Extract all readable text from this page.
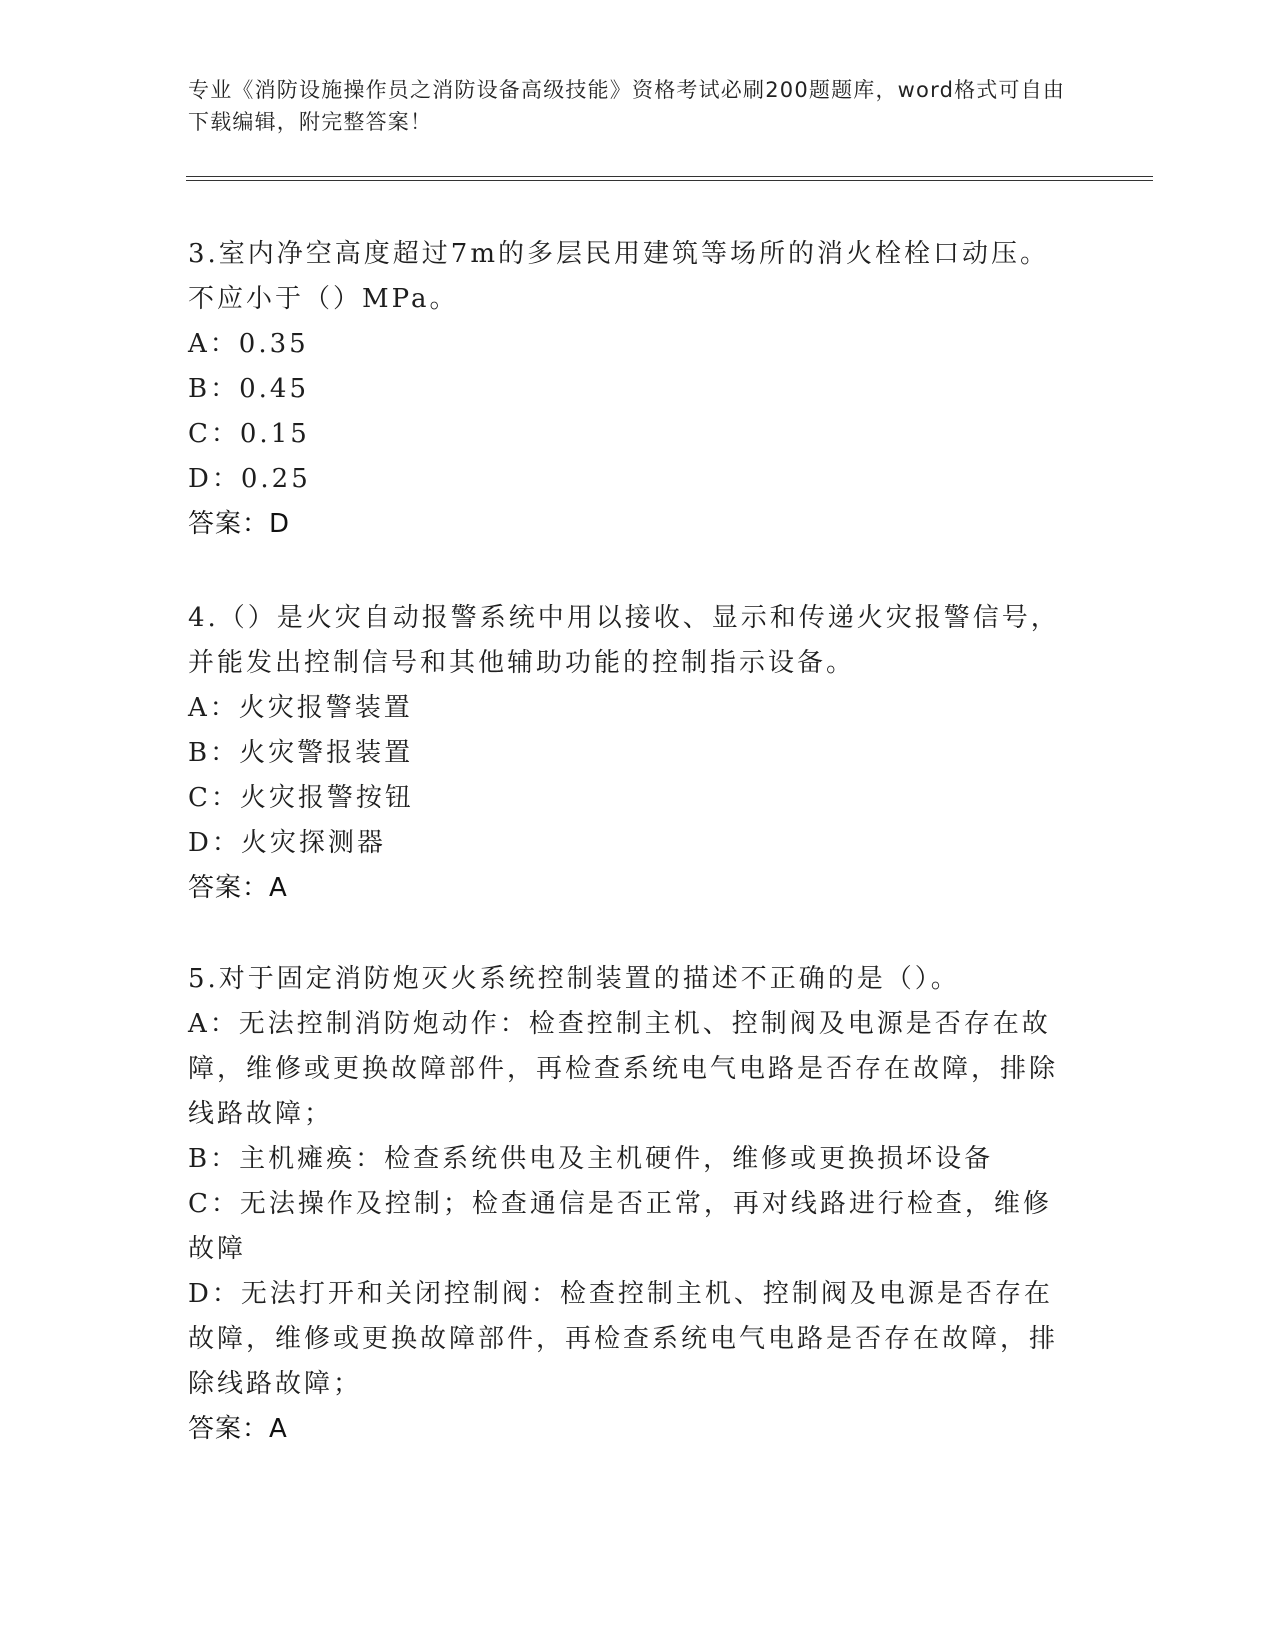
专业《消防设施操作员之消防设备高级技能》资格考试必刷200题题库，word格式可自由下载编辑，附完整答案！

3.室内净空高度超过7m的多层民用建筑等场所的消火栓栓口动压。不应小于（）MPa。

A：0.35

B：0.45

C：0.15

D：0.25

答案：D

4.（）是火灾自动报警系统中用以接收、显示和传递火灾报警信号，并能发出控制信号和其他辅助功能的控制指示设备。

A：火灾报警装置

B：火灾警报装置

C：火灾报警按钮

D：火灾探测器

答案：A

5.对于固定消防炮灭火系统控制装置的描述不正确的是（）。

A：无法控制消防炮动作：检查控制主机、控制阀及电源是否存在故障，维修或更换故障部件，再检查系统电气电路是否存在故障，排除线路故障；

B：主机瘫痪：检查系统供电及主机硬件，维修或更换损坏设备

C：无法操作及控制；检查通信是否正常，再对线路进行检查，维修故障

D：无法打开和关闭控制阀：检查控制主机、控制阀及电源是否存在故障，维修或更换故障部件，再检查系统电气电路是否存在故障，排除线路故障；

答案：A
